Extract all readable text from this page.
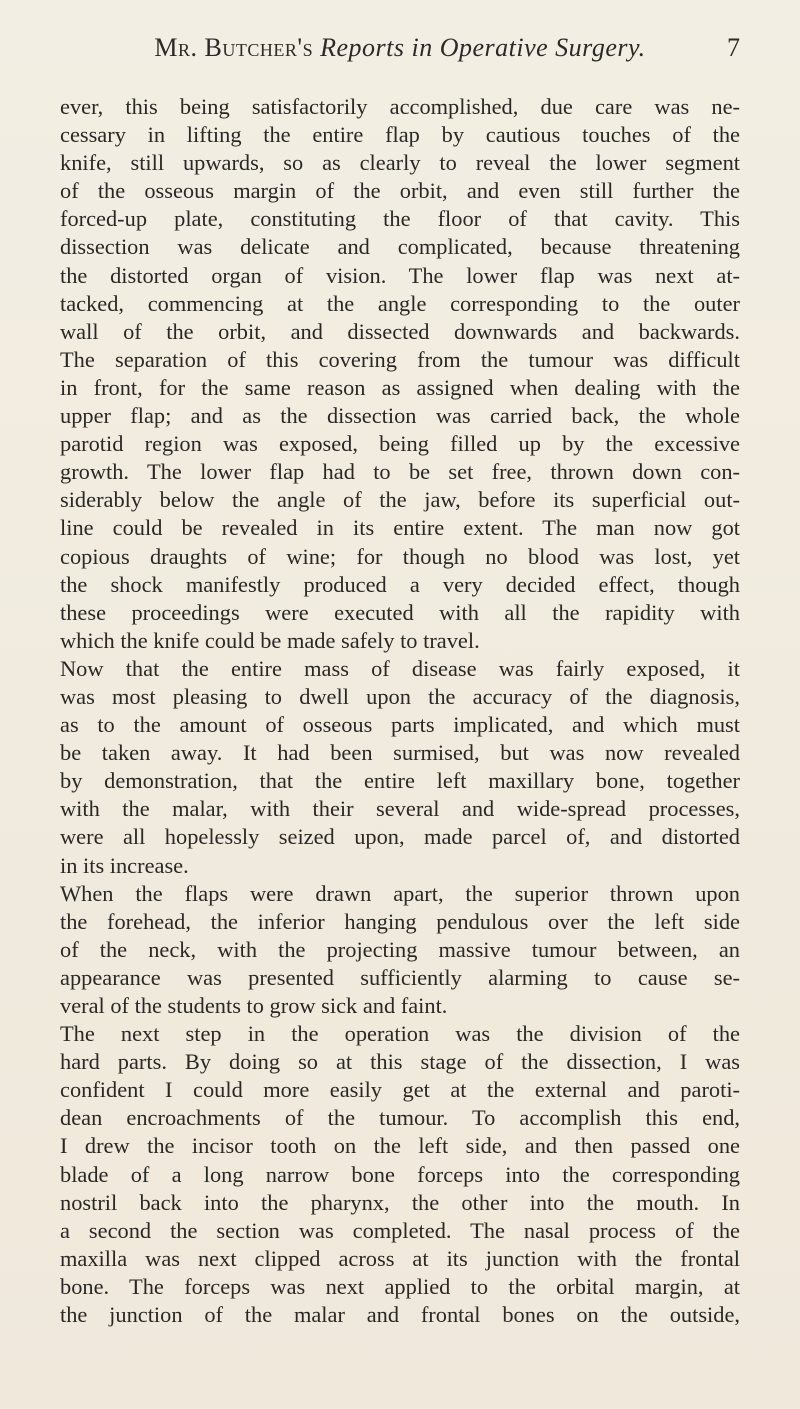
Mr. Butcher's Reports in Operative Surgery.	7
ever, this being satisfactorily accomplished, due care was ne-
cessary in lifting the entire flap by cautious touches of the
knife, still upwards, so as clearly to reveal the lower segment
of the osseous margin of the orbit, and even still further the
forced-up plate, constituting the floor of that cavity. This
dissection was delicate and complicated, because threatening
the distorted organ of vision. The lower flap was next at-
tacked, commencing at the angle corresponding to the outer
wall of the orbit, and dissected downwards and backwards.
The separation of this covering from the tumour was difficult
in front, for the same reason as assigned when dealing with the
upper flap; and as the dissection was carried back, the whole
parotid region was exposed, being filled up by the excessive
growth. The lower flap had to be set free, thrown down con-
siderably below the angle of the jaw, before its superficial out-
line could be revealed in its entire extent. The man now got
copious draughts of wine; for though no blood was lost, yet
the shock manifestly produced a very decided effect, though
these proceedings were executed with all the rapidity with
which the knife could be made safely to travel.
Now that the entire mass of disease was fairly exposed, it
was most pleasing to dwell upon the accuracy of the diagnosis,
as to the amount of osseous parts implicated, and which must
be taken away. It had been surmised, but was now revealed
by demonstration, that the entire left maxillary bone, together
with the malar, with their several and wide-spread processes,
were all hopelessly seized upon, made parcel of, and distorted
in its increase.
When the flaps were drawn apart, the superior thrown upon
the forehead, the inferior hanging pendulous over the left side
of the neck, with the projecting massive tumour between, an
appearance was presented sufficiently alarming to cause se-
veral of the students to grow sick and faint.
The next step in the operation was the division of the
hard parts. By doing so at this stage of the dissection, I was
confident I could more easily get at the external and paroti-
dean encroachments of the tumour. To accomplish this end,
I drew the incisor tooth on the left side, and then passed one
blade of a long narrow bone forceps into the corresponding
nostril back into the pharynx, the other into the mouth. In
a second the section was completed. The nasal process of the
maxilla was next clipped across at its junction with the frontal
bone. The forceps was next applied to the orbital margin, at
the junction of the malar and frontal bones on the outside,
